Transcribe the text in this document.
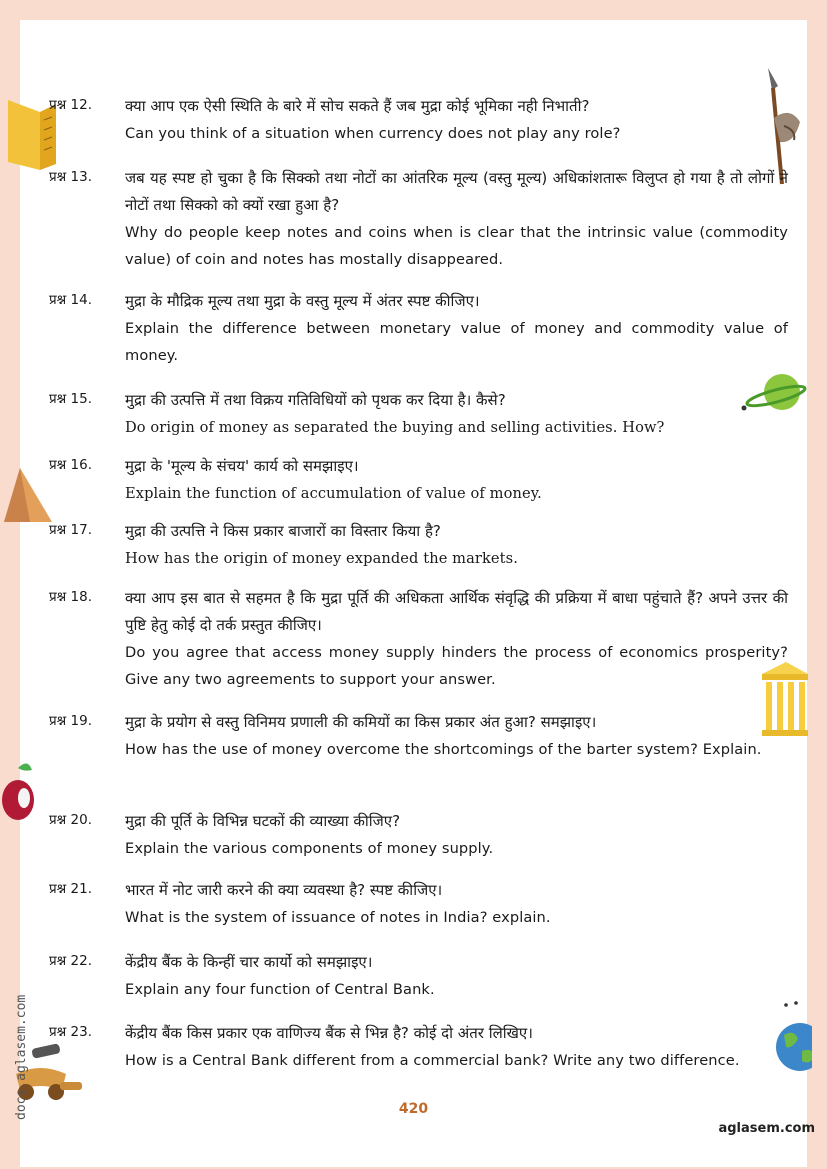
प्रश्न 12. क्या आप एक ऐसी स्थिति के बारे में सोच सकते हैं जब मुद्रा कोई भूमिका नही निभाती?
Can you think of a situation when currency does not play any role?
प्रश्न 13. जब यह स्पष्ट हो चुका है कि सिक्को तथा नोटों का आंतरिक मूल्य (वस्तु मूल्य) अधिकांशतारू विलुप्त हो गया है तो लोगों ने नोटों तथा सिक्को को क्यों रखा हुआ है?
Why do people keep notes and coins when is clear that the intrinsic value (commodity value) of coin and notes has mostally disappeared.
प्रश्न 14. मुद्रा के मौद्रिक मूल्य तथा मुद्रा के वस्तु मूल्य में अंतर स्पष्ट कीजिए।
Explain the difference between monetary value of money and commodity value of money.
प्रश्न 15. मुद्रा की उत्पत्ति में तथा विक्रय गतिविधियों को पृथक कर दिया है। कैसे?
Do origin of money as separated the buying and selling activities. How?
प्रश्न 16. मुद्रा के 'मूल्य के संचय' कार्य को समझाइए।
Explain the function of accumulation of value of money.
प्रश्न 17. मुद्रा की उत्पत्ति ने किस प्रकार बाजारों का विस्तार किया है?
How has the origin of money expanded the markets.
प्रश्न 18. क्या आप इस बात से सहमत है कि मुद्रा पूर्ति की अधिकता आर्थिक संवृद्धि की प्रक्रिया में बाधा पहुंचाते हैं? अपने उत्तर की पुष्टि हेतु कोई दो तर्क प्रस्तुत कीजिए।
Do you agree that access money supply hinders the process of economics prosperity? Give any two agreements to support your answer.
प्रश्न 19. मुद्रा के प्रयोग से वस्तु विनिमय प्रणाली की कमियों का किस प्रकार अंत हुआ? समझाइए।
How has the use of money overcome the shortcomings of the barter system? Explain.
प्रश्न 20. मुद्रा की पूर्ति के विभिन्न घटकों की व्याख्या कीजिए?
Explain the various components of money supply.
प्रश्न 21. भारत में नोट जारी करने की क्या व्यवस्था है? स्पष्ट कीजिए।
What is the system of issuance of notes in India? explain.
प्रश्न 22. केंद्रीय बैंक के किन्हीं चार कार्यो को समझाइए।
Explain any four function of Central Bank.
प्रश्न 23. केंद्रीय बैंक किस प्रकार एक वाणिज्य बैंक से भिन्न है? कोई दो अंतर लिखिए।
How is a Central Bank different from a commercial bank? Write any two difference.
420
docs.aglasem.com
aglasem.com
